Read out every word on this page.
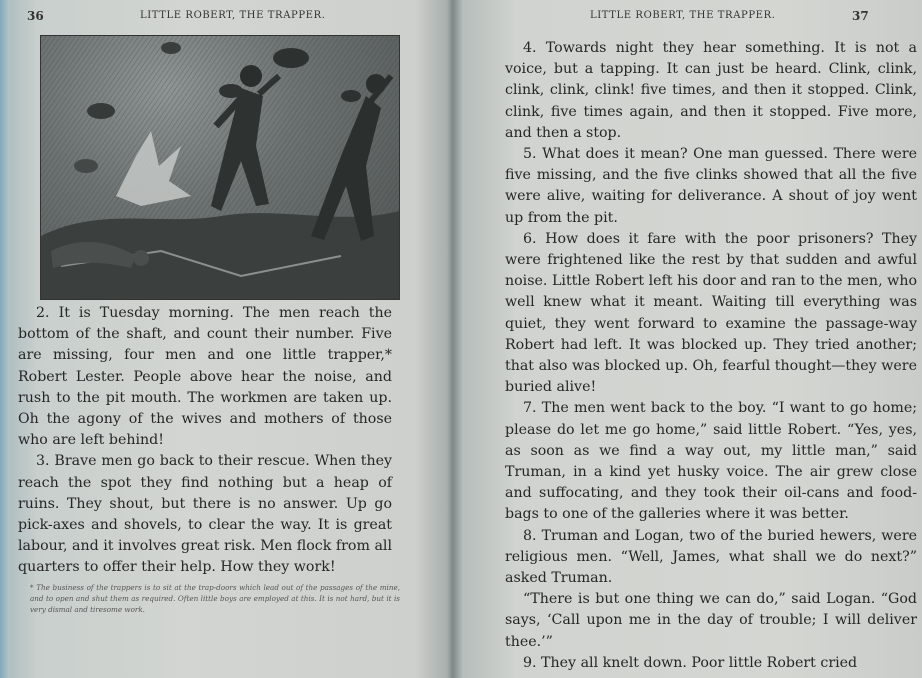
36	LITTLE ROBERT, THE TRAPPER.

2. It is Tuesday morning. The men reach the bottom of the shaft, and count their number. Five are missing, four men and one little trapper,* Robert Lester. People above hear the noise, and rush to the pit mouth. The workmen are taken up. Oh the agony of the wives and mothers of those who are left behind!

3. Brave men go back to their rescue. When they reach the spot they find nothing but a heap of ruins. They shout, but there is no answer. Up go pick-axes and shovels, to clear the way. It is great labour, and it involves great risk. Men flock from all quarters to offer their help. How they work!

* The business of the trappers is to sit at the trap-doors which lead out of the passages of the mine, and to open and shut them as required. Often little boys are employed at this. It is not hard, but it is very dismal and tiresome work.
LITTLE ROBERT, THE TRAPPER.	37

4. Towards night they hear something. It is not a voice, but a tapping. It can just be heard. Clink, clink, clink, clink, clink! five times, and then it stopped. Clink, clink, five times again, and then it stopped. Five more, and then a stop.

5. What does it mean? One man guessed. There were five missing, and the five clinks showed that all the five were alive, waiting for deliverance. A shout of joy went up from the pit.

6. How does it fare with the poor prisoners? They were frightened like the rest by that sudden and awful noise. Little Robert left his door and ran to the men, who well knew what it meant. Waiting till everything was quiet, they went forward to examine the passage-way Robert had left. It was blocked up. They tried another; that also was blocked up. Oh, fearful thought—they were buried alive!

7. The men went back to the boy. “I want to go home; please do let me go home,” said little Robert. “Yes, yes, as soon as we find a way out, my little man,” said Truman, in a kind yet husky voice. The air grew close and suffocating, and they took their oil-cans and food-bags to one of the galleries where it was better.

8. Truman and Logan, two of the buried hewers, were religious men. “Well, James, what shall we do next?” asked Truman.

“There is but one thing we can do,” said Logan. “God says, ‘Call upon me in the day of trouble; I will deliver thee.’”

9. They all knelt down. Poor little Robert cried
